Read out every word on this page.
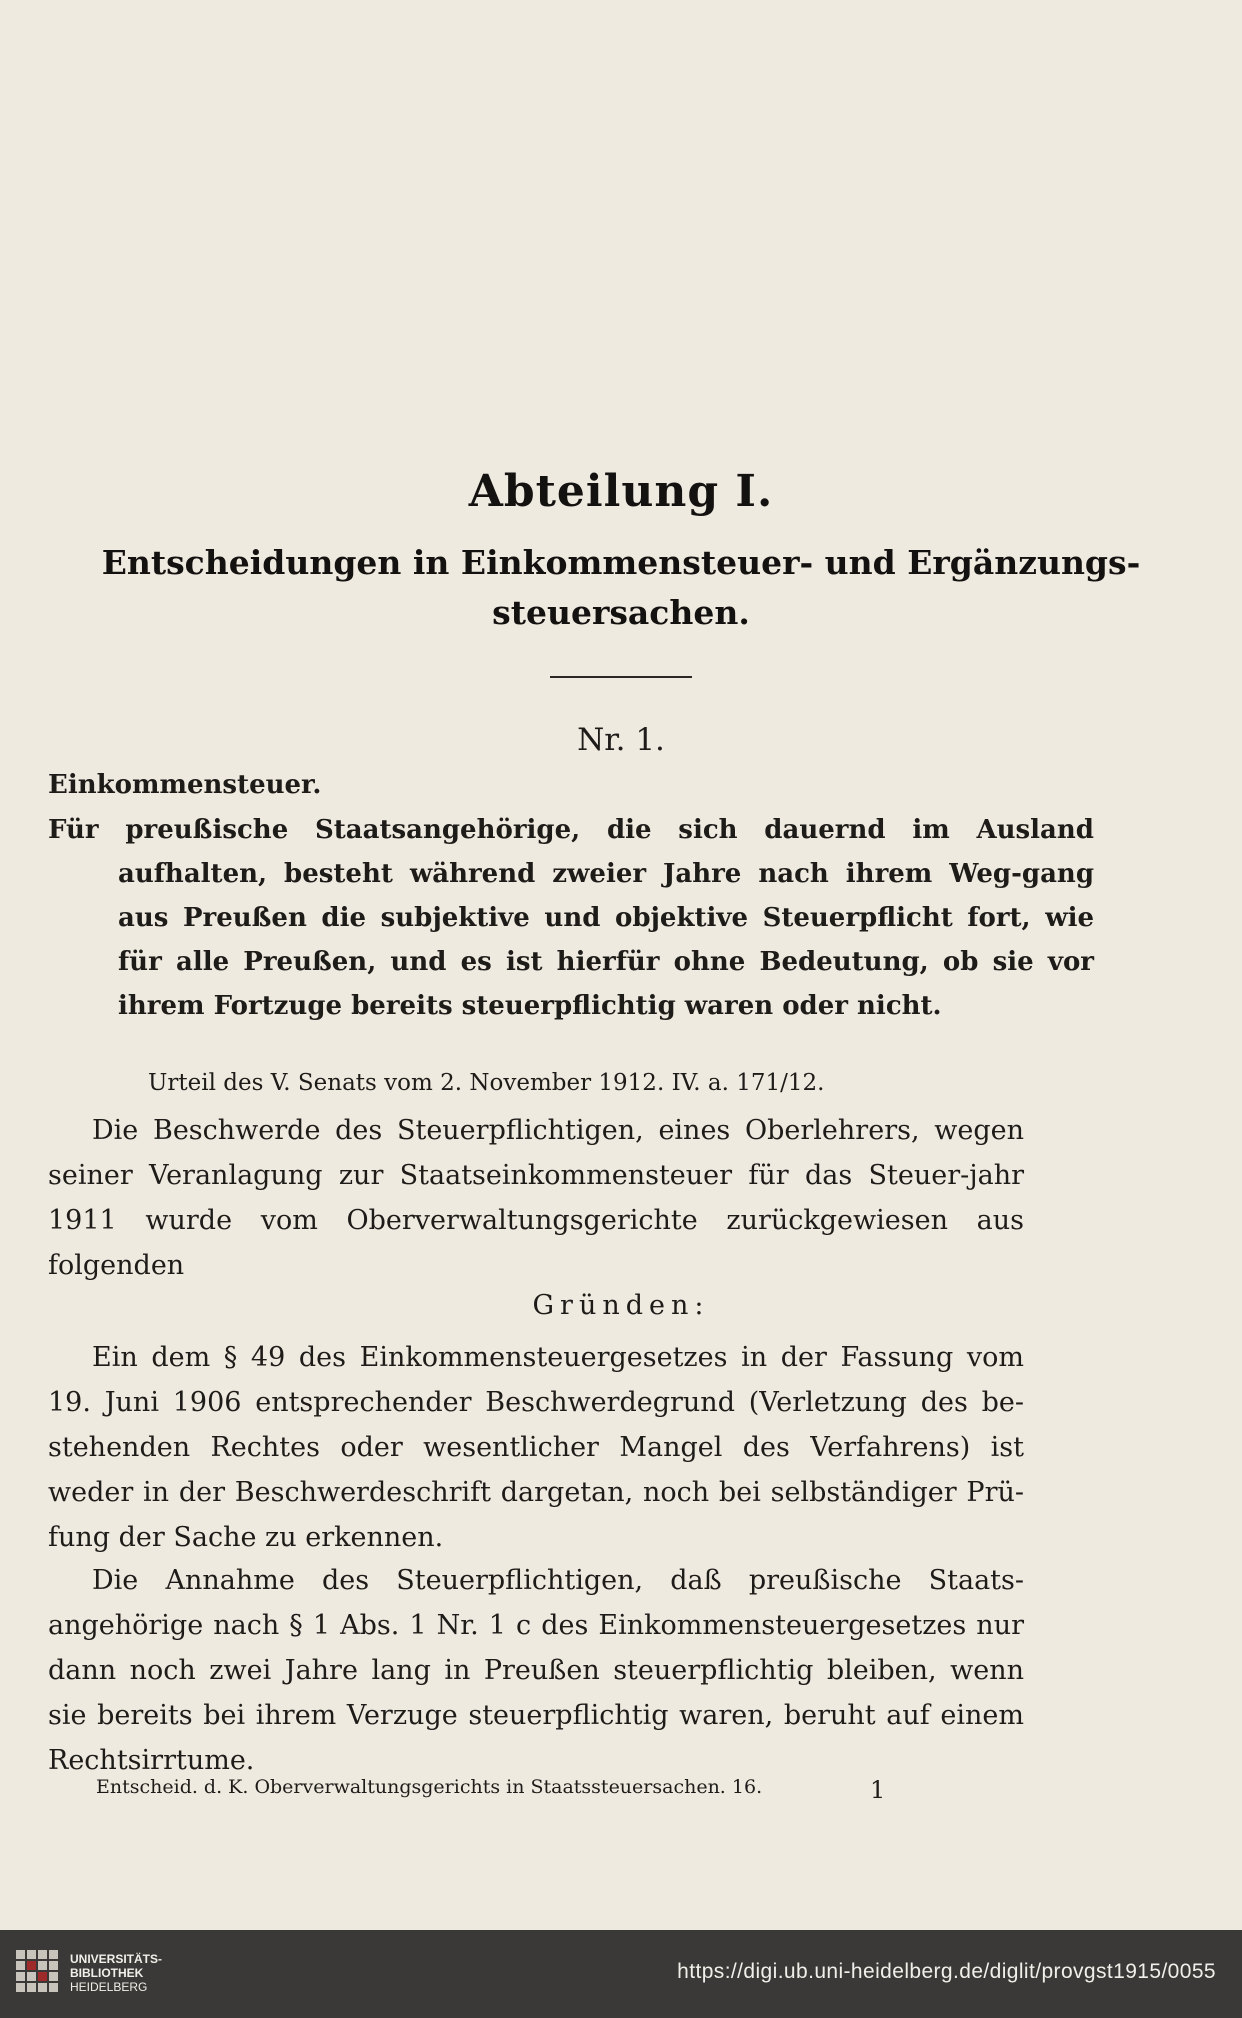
Abteilung I.
Entscheidungen in Einkommensteuer- und Ergänzungs-steuersachen.
Nr. 1.
Einkommensteuer.
Für preußische Staatsangehörige, die sich dauernd im Ausland aufhalten, besteht während zweier Jahre nach ihrem Weg-gang aus Preußen die subjektive und objektive Steuerpflicht fort, wie für alle Preußen, und es ist hierfür ohne Bedeutung, ob sie vor ihrem Fortzuge bereits steuerpflichtig waren oder nicht.
Urteil des V. Senats vom 2. November 1912. IV. a. 171/12.

Die Beschwerde des Steuerpflichtigen, eines Oberlehrers, wegen seiner Veranlagung zur Staatseinkommensteuer für das Steuer-jahr 1911 wurde vom Oberverwaltungsgerichte zurückgewiesen aus folgenden

Gründen:

Ein dem § 49 des Einkommensteuergesetzes in der Fassung vom 19. Juni 1906 entsprechender Beschwerdegrund (Verletzung des be-stehenden Rechtes oder wesentlicher Mangel des Verfahrens) ist weder in der Beschwerdeschrift dargetan, noch bei selbständiger Prü-fung der Sache zu erkennen.

Die Annahme des Steuerpflichtigen, daß preußische Staats-angehörige nach § 1 Abs. 1 Nr. 1 c des Einkommensteuergesetzes nur dann noch zwei Jahre lang in Preußen steuerpflichtig bleiben, wenn sie bereits bei ihrem Verzuge steuerpflichtig waren, beruht auf einem Rechtsirrtume.

Entscheid. d. K. Oberverwaltungsgerichts in Staatssteuersachen. 16.	1
UNIVERSITÄTS-
BIBLIOTHEK
HEIDELBERG
https://digi.ub.uni-heidelberg.de/diglit/provgst1915/0055
